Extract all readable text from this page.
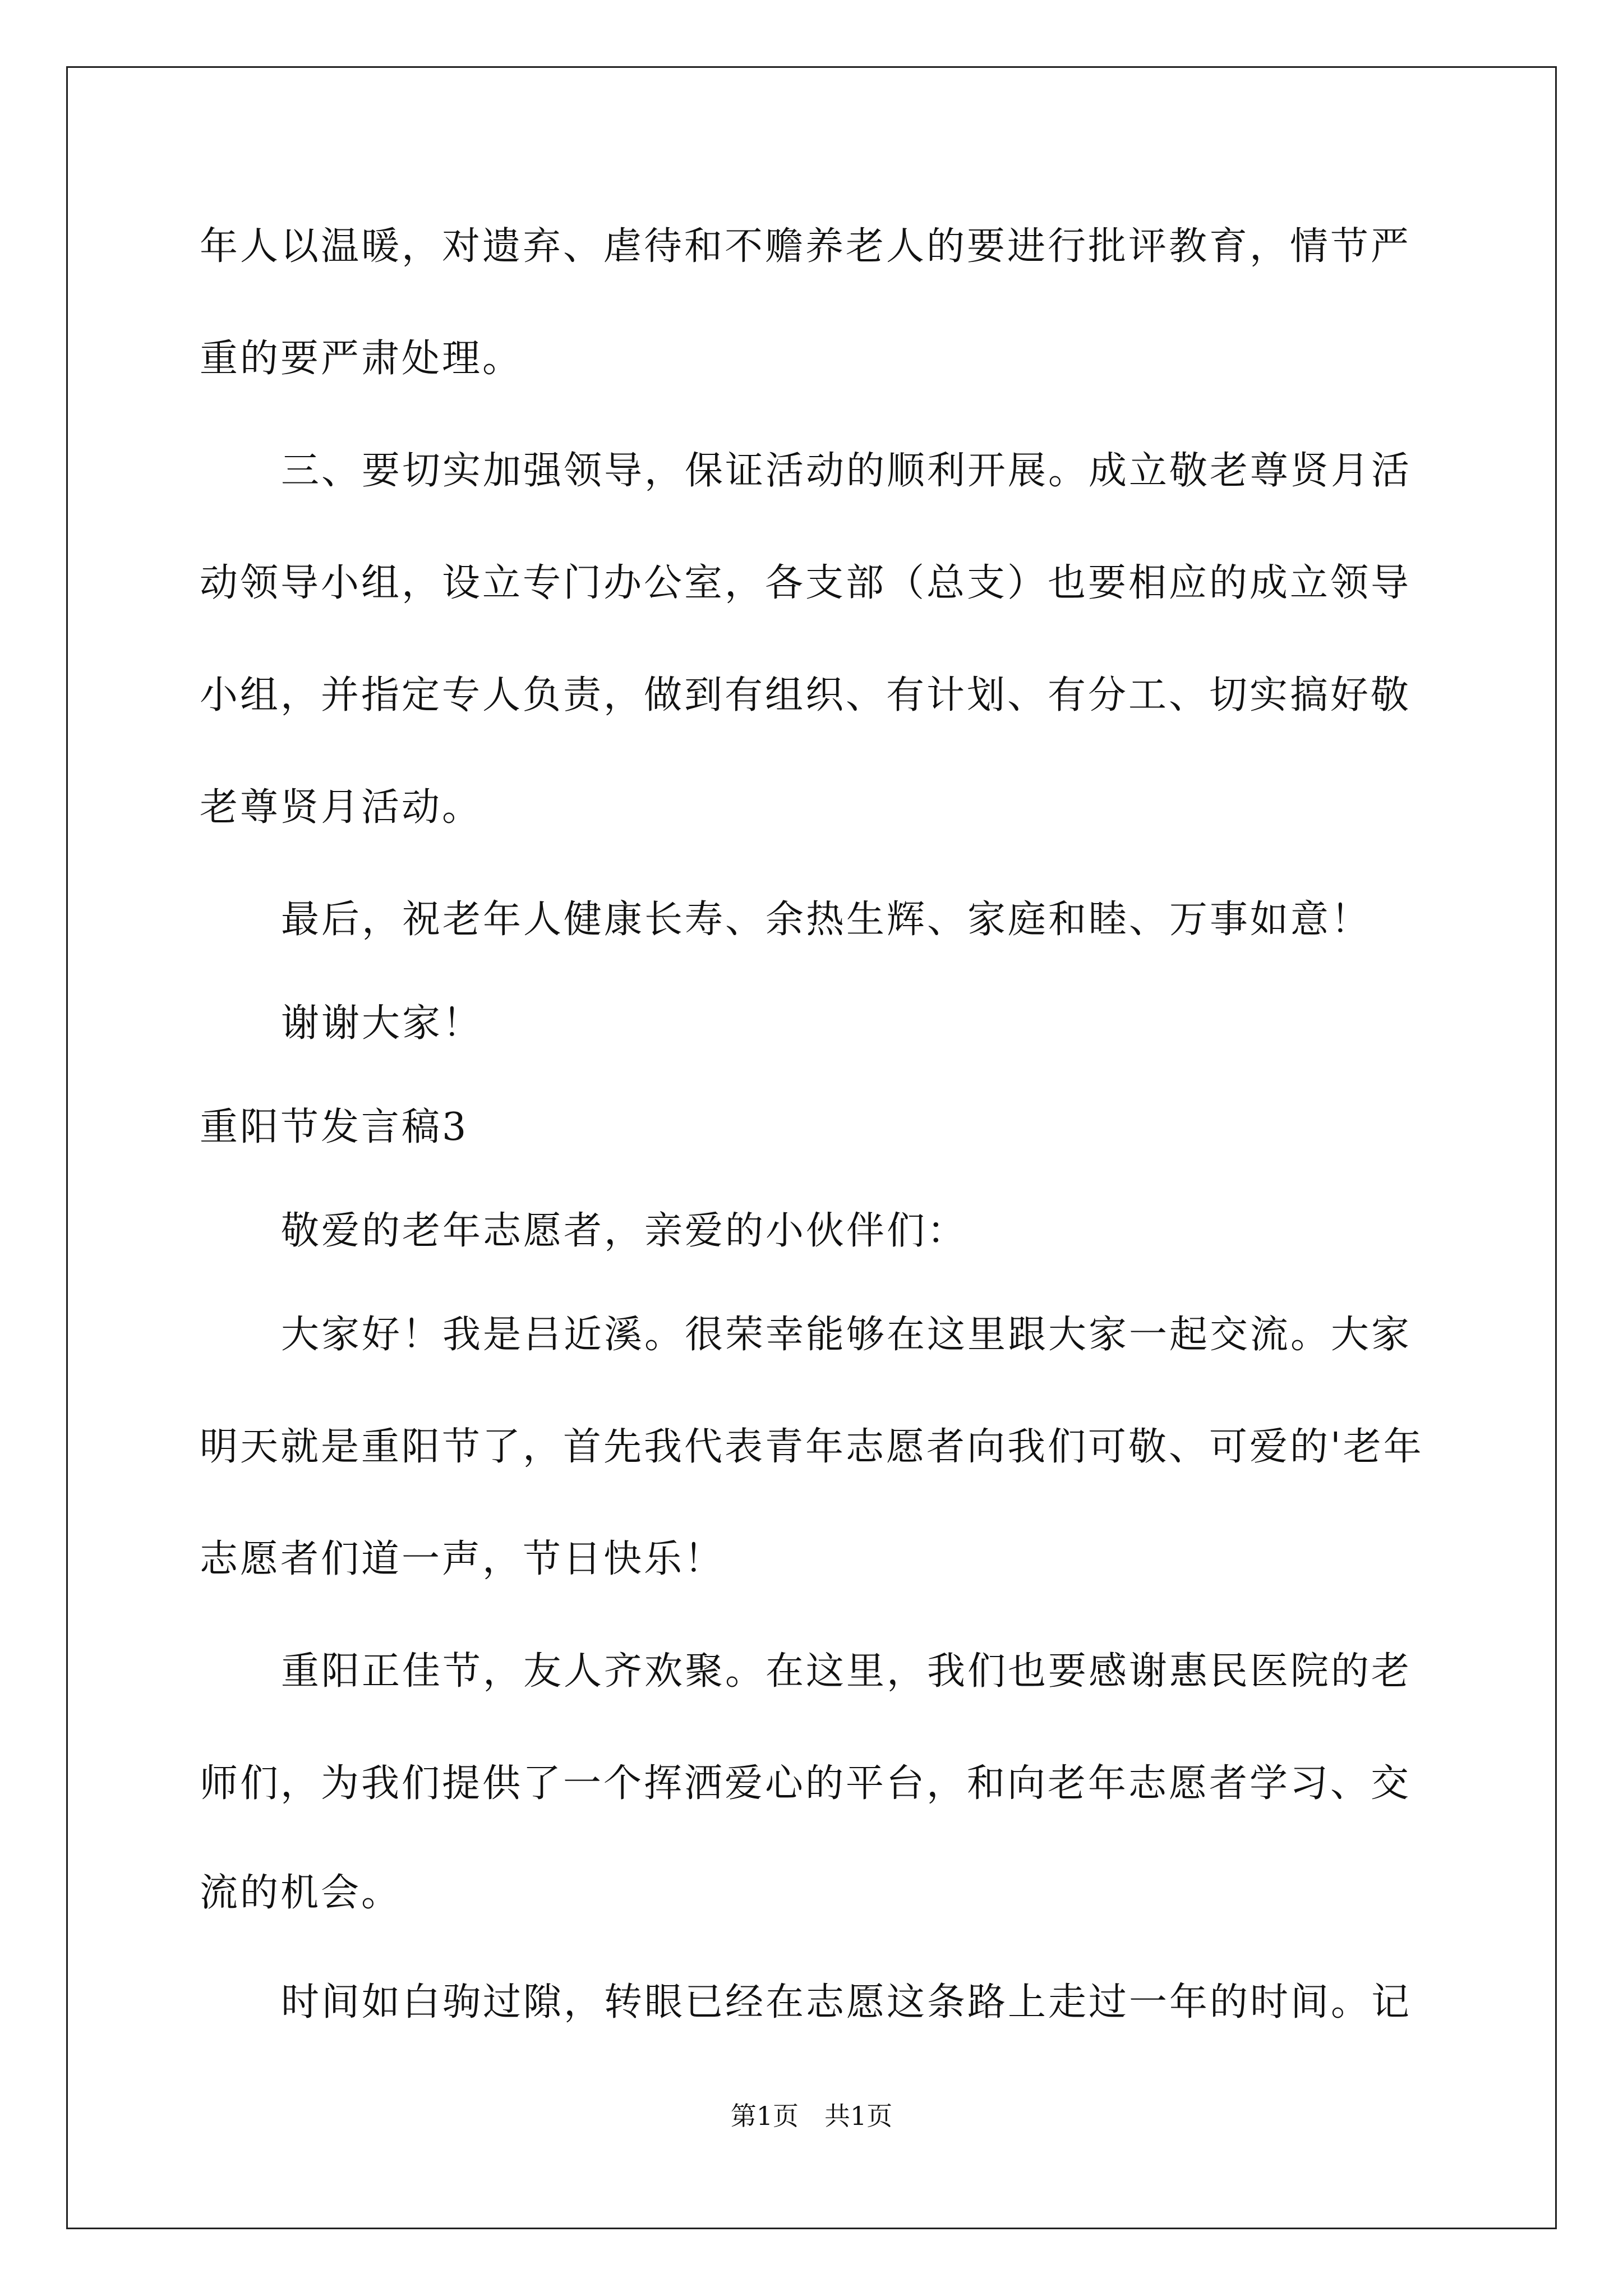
年人以温暖，对遗弃、虐待和不赡养老人的要进行批评教育，情节严
重的要严肃处理。
三、要切实加强领导，保证活动的顺利开展。成立敬老尊贤月活
动领导小组，设立专门办公室，各支部（总支）也要相应的成立领导
小组，并指定专人负责，做到有组织、有计划、有分工、切实搞好敬
老尊贤月活动。
最后，祝老年人健康长寿、余热生辉、家庭和睦、万事如意！
谢谢大家！
重阳节发言稿3
敬爱的老年志愿者，亲爱的小伙伴们：
大家好！我是吕近溪。很荣幸能够在这里跟大家一起交流。大家
明天就是重阳节了，首先我代表青年志愿者向我们可敬、可爱的'老年
志愿者们道一声，节日快乐！
重阳正佳节，友人齐欢聚。在这里，我们也要感谢惠民医院的老
师们，为我们提供了一个挥洒爱心的平台，和向老年志愿者学习、交
流的机会。
时间如白驹过隙，转眼已经在志愿这条路上走过一年的时间。记
第1页　共1页
